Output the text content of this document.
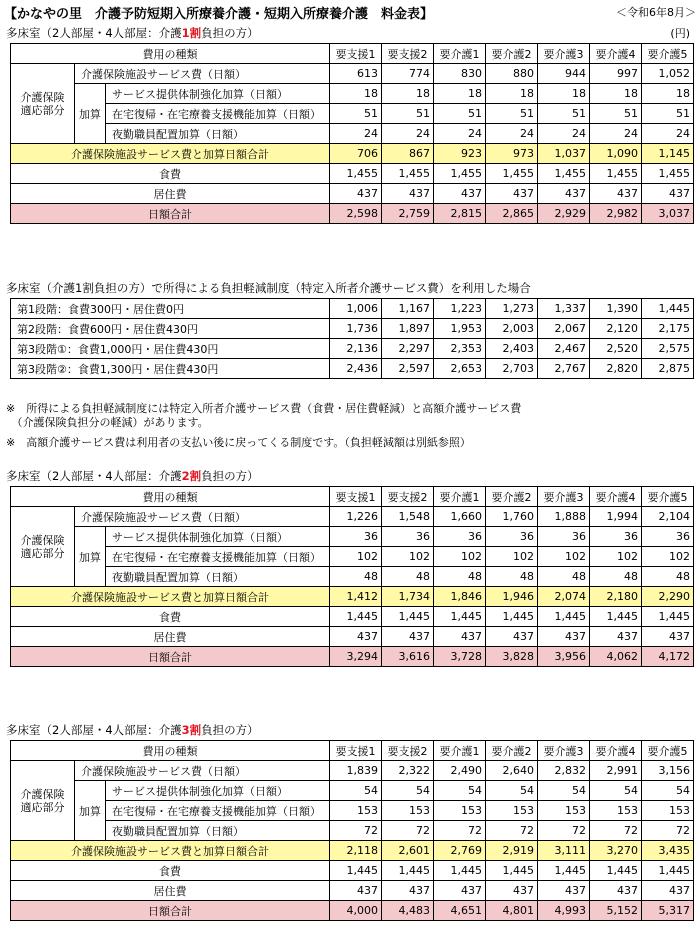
【かなやの里　介護予防短期入所療養介護・短期入所療養介護　料金表】	＜令和6年8月＞
多床室（2人部屋・4人部屋：介護1割負担の方）	(円)
費用の種類			要支援1	要支援2	要介護1	要介護2	要介護3	要介護4	要介護5
介護保険
適応部分	介護保険施設サービス費（日額）		613	774	830	880	944	997	1,052
	加算	サービス提供体制強化加算（日額）	18	18	18	18	18	18	18
		在宅復帰・在宅療養支援機能加算（日額）	51	51	51	51	51	51	51
		夜勤職員配置加算（日額）	24	24	24	24	24	24	24
介護保険施設サービス費と加算日額合計			706	867	923	973	1,037	1,090	1,145
食費			1,455	1,455	1,455	1,455	1,455	1,455	1,455
居住費			437	437	437	437	437	437	437
日額合計			2,598	2,759	2,815	2,865	2,929	2,982	3,037
多床室（介護1割負担の方）で所得による負担軽減制度（特定入所者介護サービス費）を利用した場合
第1段階：食費300円・居住費0円	1,006	1,167	1,223	1,273	1,337	1,390	1,445
第2段階：食費600円・居住費430円	1,736	1,897	1,953	2,003	2,067	2,120	2,175
第3段階①：食費1,000円・居住費430円	2,136	2,297	2,353	2,403	2,467	2,520	2,575
第3段階②：食費1,300円・居住費430円	2,436	2,597	2,653	2,703	2,767	2,820	2,875
※　所得による負担軽減制度には特定入所者介護サービス費（食費・居住費軽減）と高額介護サービス費
　（介護保険負担分の軽減）があります。
※　高額介護サービス費は利用者の支払い後に戻ってくる制度です。（負担軽減額は別紙参照）
多床室（2人部屋・4人部屋：介護2割負担の方）
費用の種類			要支援1	要支援2	要介護1	要介護2	要介護3	要介護4	要介護5
介護保険
適応部分	介護保険施設サービス費（日額）		1,226	1,548	1,660	1,760	1,888	1,994	2,104
	加算	サービス提供体制強化加算（日額）	36	36	36	36	36	36	36
		在宅復帰・在宅療養支援機能加算（日額）	102	102	102	102	102	102	102
		夜勤職員配置加算（日額）	48	48	48	48	48	48	48
介護保険施設サービス費と加算日額合計			1,412	1,734	1,846	1,946	2,074	2,180	2,290
食費			1,445	1,445	1,445	1,445	1,445	1,445	1,445
居住費			437	437	437	437	437	437	437
日額合計			3,294	3,616	3,728	3,828	3,956	4,062	4,172
多床室（2人部屋・4人部屋：介護3割負担の方）
費用の種類			要支援1	要支援2	要介護1	要介護2	要介護3	要介護4	要介護5
介護保険
適応部分	介護保険施設サービス費（日額）		1,839	2,322	2,490	2,640	2,832	2,991	3,156
	加算	サービス提供体制強化加算（日額）	54	54	54	54	54	54	54
		在宅復帰・在宅療養支援機能加算（日額）	153	153	153	153	153	153	153
		夜勤職員配置加算（日額）	72	72	72	72	72	72	72
介護保険施設サービス費と加算日額合計			2,118	2,601	2,769	2,919	3,111	3,270	3,435
食費			1,445	1,445	1,445	1,445	1,445	1,445	1,445
居住費			437	437	437	437	437	437	437
日額合計			4,000	4,483	4,651	4,801	4,993	5,152	5,317
